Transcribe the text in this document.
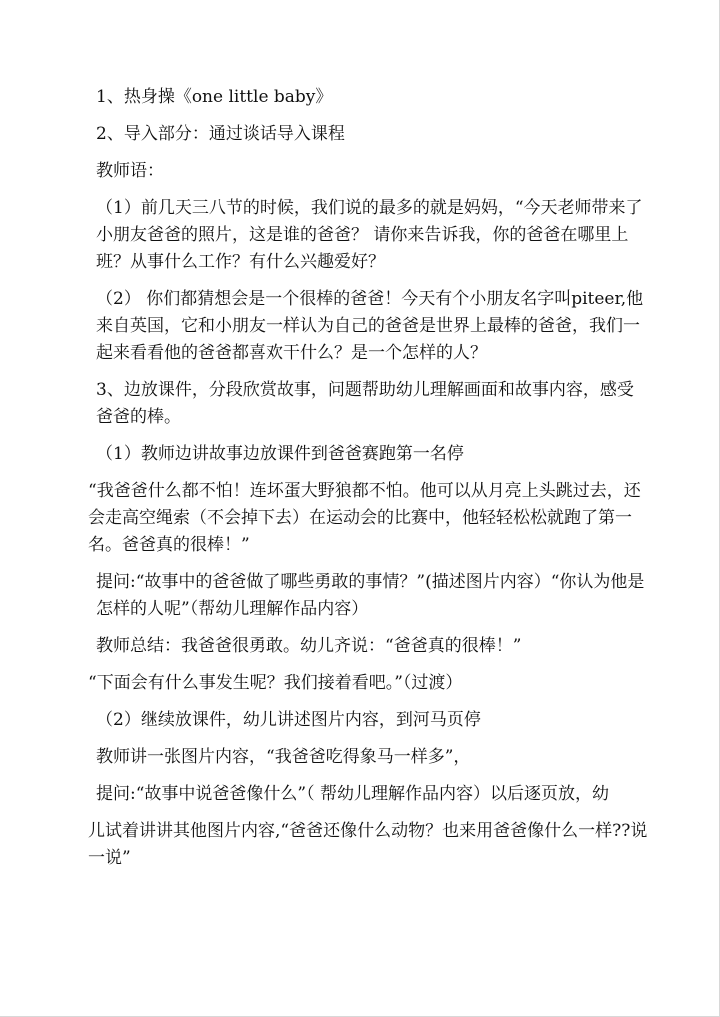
1、热身操《one little baby》

2、导入部分：通过谈话导入课程

教师语：

（1）前几天三八节的时候，我们说的最多的就是妈妈，“今天老师带来了小朋友爸爸的照片，这是谁的爸爸？ 请你来告诉我，你的爸爸在哪里上班？从事什么工作？有什么兴趣爱好？

（2） 你们都猜想会是一个很棒的爸爸！今天有个小朋友名字叫piteer,他来自英国，它和小朋友一样认为自己的爸爸是世界上最棒的爸爸，我们一起来看看他的爸爸都喜欢干什么？是一个怎样的人？

3、边放课件，分段欣赏故事，问题帮助幼儿理解画面和故事内容，感受爸爸的棒。

（1）教师边讲故事边放课件到爸爸赛跑第一名停

“我爸爸什么都不怕！连坏蛋大野狼都不怕。他可以从月亮上头跳过去，还会走高空绳索（不会掉下去）在运动会的比赛中，他轻轻松松就跑了第一名。爸爸真的很棒！”

提问:“故事中的爸爸做了哪些勇敢的事情？”(描述图片内容）“你认为他是怎样的人呢”（帮幼儿理解作品内容）

教师总结：我爸爸很勇敢。幼儿齐说：“爸爸真的很棒！”

“下面会有什么事发生呢？我们接着看吧。”（过渡）

（2）继续放课件，幼儿讲述图片内容，到河马页停

教师讲一张图片内容，“我爸爸吃得象马一样多”，

提问:“故事中说爸爸像什么”（ 帮幼儿理解作品内容）以后逐页放，幼

儿试着讲讲其他图片内容,“爸爸还像什么动物？也来用爸爸像什么一样??说一说”
